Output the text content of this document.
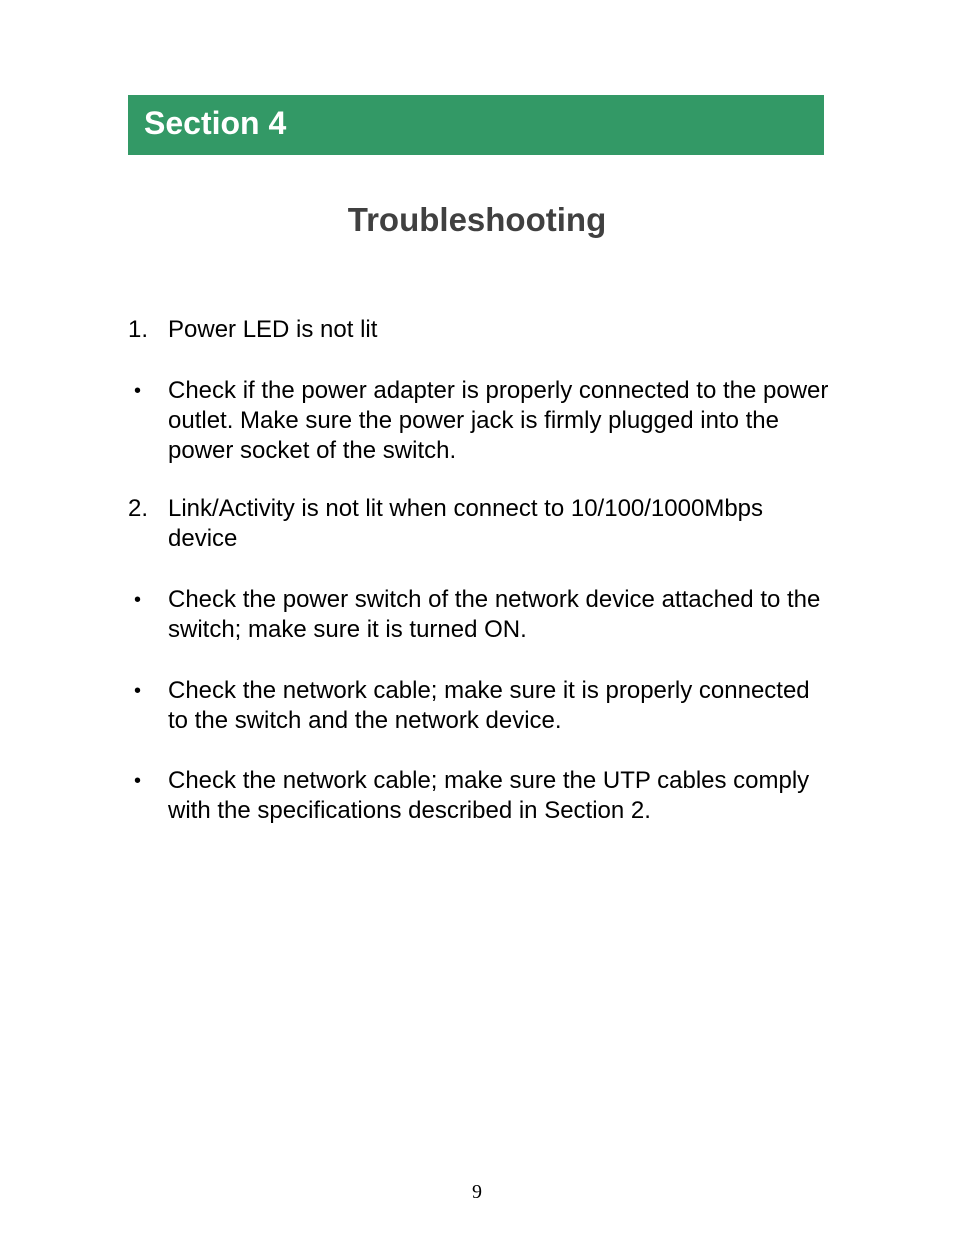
Section 4
Troubleshooting
1. Power LED is not lit
•	Check if the power adapter is properly connected to the power outlet. Make sure the power jack is firmly plugged into the power socket of the switch.
2. Link/Activity is not lit when connect to 10/100/1000Mbps device
•	Check the power switch of the network device attached to the switch; make sure it is turned ON.
•	Check the network cable; make sure it is properly connected to the switch and the network device.
•	Check the network cable; make sure the UTP cables comply with the specifications described in Section 2.
9
